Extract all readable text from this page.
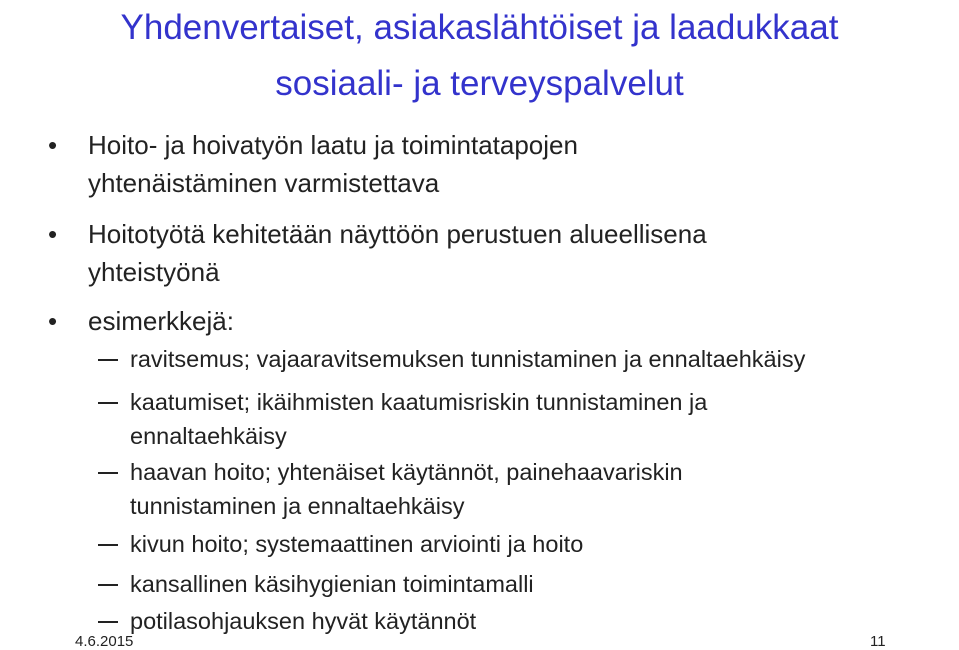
Yhdenvertaiset, asiakaslähtöiset ja laadukkaat
sosiaali- ja terveyspalvelut
• Hoito- ja hoivatyön laatu ja toimintatapojen
yhtenäistäminen varmistettava
• Hoitotyötä kehitetään näyttöön perustuen alueellisena
yhteistyönä
• esimerkkejä:
ravitsemus; vajaaravitsemuksen tunnistaminen ja ennaltaehkäisy
kaatumiset; ikäihmisten kaatumisriskin tunnistaminen ja
ennaltaehkäisy
haavan hoito; yhtenäiset käytännöt, painehaavariskin
tunnistaminen ja ennaltaehkäisy
kivun hoito; systemaattinen arviointi ja hoito
kansallinen käsihygienian toimintamalli
potilasohjauksen hyvät käytännöt
4.6.2015	11
